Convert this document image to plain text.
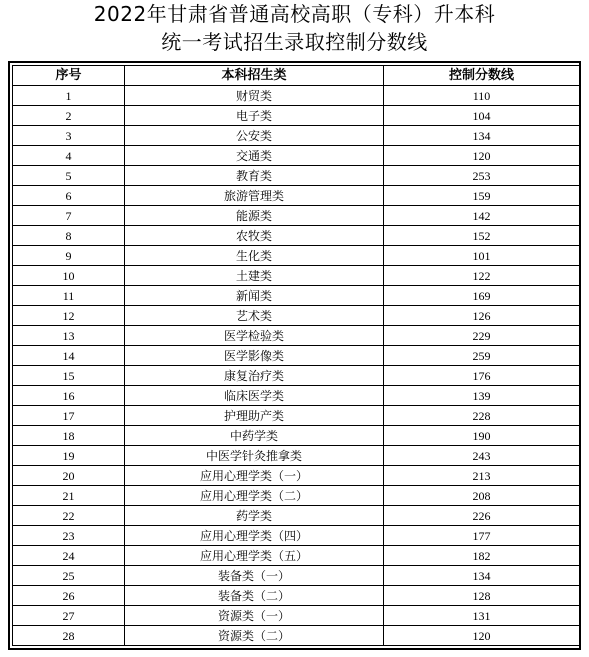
2022年甘肃省普通高校高职（专科）升本科
统一考试招生录取控制分数线
序号	本科招生类	控制分数线
1	财贸类	110
2	电子类	104
3	公安类	134
4	交通类	120
5	教育类	253
6	旅游管理类	159
7	能源类	142
8	农牧类	152
9	生化类	101
10	土建类	122
11	新闻类	169
12	艺术类	126
13	医学检验类	229
14	医学影像类	259
15	康复治疗类	176
16	临床医学类	139
17	护理助产类	228
18	中药学类	190
19	中医学针灸推拿类	243
20	应用心理学类（一）	213
21	应用心理学类（二）	208
22	药学类	226
23	应用心理学类（四）	177
24	应用心理学类（五）	182
25	装备类（一）	134
26	装备类（二）	128
27	资源类（一）	131
28	资源类（二）	120
